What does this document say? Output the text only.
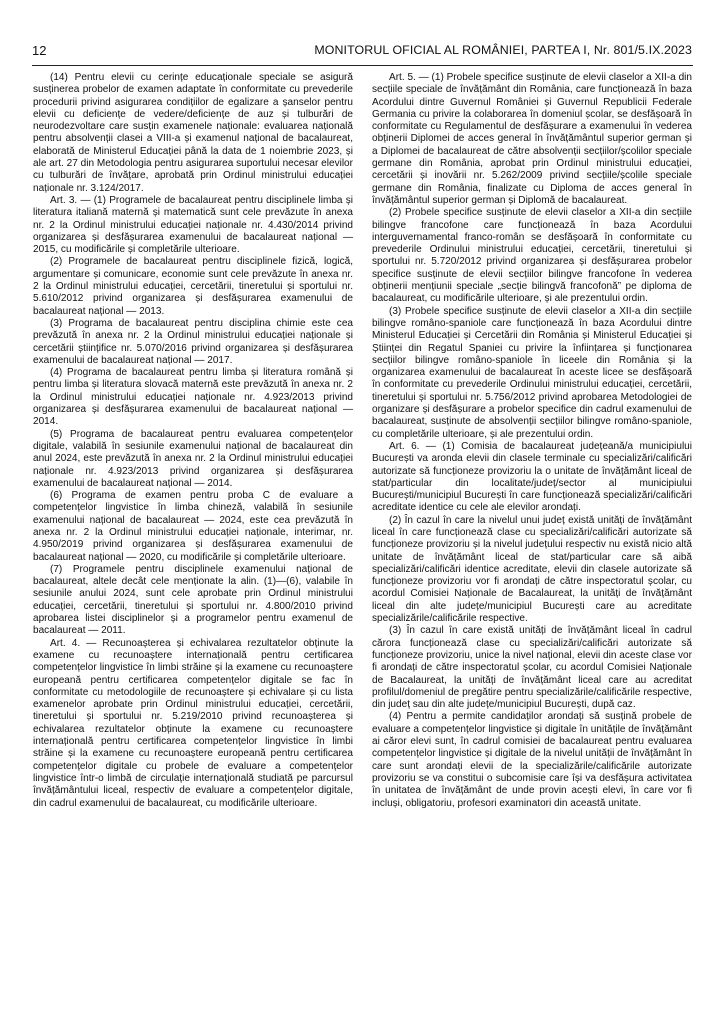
12	MONITORUL OFICIAL AL ROMÂNIEI, PARTEA I, Nr. 801/5.IX.2023

(14) Pentru elevii cu cerințe educaționale speciale se asigură susținerea probelor de examen adaptate în conformitate cu prevederile procedurii privind asigurarea condițiilor de egalizare a șanselor pentru elevii cu deficiențe de vedere/deficiențe de auz și tulburări de neurodezvoltare care susțin examenele naționale: evaluarea națională pentru absolvenții clasei a VIII-a și examenul național de bacalaureat, elaborată de Ministerul Educației până la data de 1 noiembrie 2023, și ale art. 27 din Metodologia pentru asigurarea suportului necesar elevilor cu tulburări de învățare, aprobată prin Ordinul ministrului educației naționale nr. 3.124/2017.

Art. 3. — (1) Programele de bacalaureat pentru disciplinele limba și literatura italiană maternă și matematică sunt cele prevăzute în anexa nr. 2 la Ordinul ministrului educației naționale nr. 4.430/2014 privind organizarea și desfășurarea examenului de bacalaureat național — 2015, cu modificările și completările ulterioare.

(2) Programele de bacalaureat pentru disciplinele fizică, logică, argumentare și comunicare, economie sunt cele prevăzute în anexa nr. 2 la Ordinul ministrului educației, cercetării, tineretului și sportului nr. 5.610/2012 privind organizarea și desfășurarea examenului de bacalaureat național — 2013.

(3) Programa de bacalaureat pentru disciplina chimie este cea prevăzută în anexa nr. 2 la Ordinul ministrului educației naționale și cercetării științifice nr. 5.070/2016 privind organizarea și desfășurarea examenului de bacalaureat național — 2017.

(4) Programa de bacalaureat pentru limba și literatura română și pentru limba și literatura slovacă maternă este prevăzută în anexa nr. 2 la Ordinul ministrului educației naționale nr. 4.923/2013 privind organizarea și desfășurarea examenului de bacalaureat național — 2014.

(5) Programa de bacalaureat pentru evaluarea competențelor digitale, valabilă în sesiunile examenului național de bacalaureat din anul 2024, este prevăzută în anexa nr. 2 la Ordinul ministrului educației naționale nr. 4.923/2013 privind organizarea și desfășurarea examenului de bacalaureat național — 2014.

(6) Programa de examen pentru proba C de evaluare a competențelor lingvistice în limba chineză, valabilă în sesiunile examenului național de bacalaureat — 2024, este cea prevăzută în anexa nr. 2 la Ordinul ministrului educației naționale, interimar, nr. 4.950/2019 privind organizarea și desfășurarea examenului de bacalaureat național — 2020, cu modificările și completările ulterioare.

(7) Programele pentru disciplinele examenului național de bacalaureat, altele decât cele menționate la alin. (1)—(6), valabile în sesiunile anului 2024, sunt cele aprobate prin Ordinul ministrului educației, cercetării, tineretului și sportului nr. 4.800/2010 privind aprobarea listei disciplinelor și a programelor pentru examenul de bacalaureat — 2011.

Art. 4. — Recunoașterea și echivalarea rezultatelor obținute la examene cu recunoaștere internațională pentru certificarea competențelor lingvistice în limbi străine și la examene cu recunoaștere europeană pentru certificarea competențelor digitale se fac în conformitate cu metodologiile de recunoaștere și echivalare și cu lista examenelor aprobate prin Ordinul ministrului educației, cercetării, tineretului și sportului nr. 5.219/2010 privind recunoașterea și echivalarea rezultatelor obținute la examene cu recunoaștere internațională pentru certificarea competențelor lingvistice în limbi străine și la examene cu recunoaștere europeană pentru certificarea competențelor digitale cu probele de evaluare a competențelor lingvistice într-o limbă de circulație internațională studiată pe parcursul învățământului liceal, respectiv de evaluare a competențelor digitale, din cadrul examenului de bacalaureat, cu modificările ulterioare.

Art. 5. — (1) Probele specifice susținute de elevii claselor a XII-a din secțiile speciale de învățământ din România, care funcționează în baza Acordului dintre Guvernul României și Guvernul Republicii Federale Germania cu privire la colaborarea în domeniul școlar, se desfășoară în conformitate cu Regulamentul de desfășurare a examenului în vederea obținerii Diplomei de acces general în învățământul superior german și a Diplomei de bacalaureat de către absolvenții secțiilor/școlilor speciale germane din România, aprobat prin Ordinul ministrului educației, cercetării și inovării nr. 5.262/2009 privind secțiile/școlile speciale germane din România, finalizate cu Diploma de acces general în învățământul superior german și Diplomă de bacalaureat.

(2) Probele specifice susținute de elevii claselor a XII-a din secțiile bilingve francofone care funcționează în baza Acordului interguvernamental franco-român se desfășoară în conformitate cu prevederile Ordinului ministrului educației, cercetării, tineretului și sportului nr. 5.720/2012 privind organizarea și desfășurarea probelor specifice susținute de elevii secțiilor bilingve francofone în vederea obținerii mențiunii speciale „secție bilingvă francofonă” pe diploma de bacalaureat, cu modificările ulterioare, și ale prezentului ordin.

(3) Probele specifice susținute de elevii claselor a XII-a din secțiile bilingve româno-spaniole care funcționează în baza Acordului dintre Ministerul Educației și Cercetării din România și Ministerul Educației și Științei din Regatul Spaniei cu privire la înființarea și funcționarea secțiilor bilingve româno-spaniole în liceele din România și la organizarea examenului de bacalaureat în aceste licee se desfășoară în conformitate cu prevederile Ordinului ministrului educației, cercetării, tineretului și sportului nr. 5.756/2012 privind aprobarea Metodologiei de organizare și desfășurare a probelor specifice din cadrul examenului de bacalaureat, susținute de absolvenții secțiilor bilingve româno-spaniole, cu completările ulterioare, și ale prezentului ordin.

Art. 6. — (1) Comisia de bacalaureat județeană/a municipiului București va aronda elevii din clasele terminale cu specializări/calificări autorizate să funcționeze provizoriu la o unitate de învățământ liceal de stat/particular din localitate/județ/sector al municipiului București/municipiul București în care funcționează specializări/calificări acreditate identice cu cele ale elevilor arondați.

(2) În cazul în care la nivelul unui județ există unități de învățământ liceal în care funcționează clase cu specializări/calificări autorizate să funcționeze provizoriu și la nivelul județului respectiv nu există nicio altă unitate de învățământ liceal de stat/particular care să aibă specializări/calificări identice acreditate, elevii din clasele autorizate să funcționeze provizoriu vor fi arondați de către inspectoratul școlar, cu acordul Comisiei Naționale de Bacalaureat, la unități de învățământ liceal din alte județe/municipiul București care au acreditate specializările/calificările respective.

(3) În cazul în care există unități de învățământ liceal în cadrul cărora funcționează clase cu specializări/calificări autorizate să funcționeze provizoriu, unice la nivel național, elevii din aceste clase vor fi arondați de către inspectoratul școlar, cu acordul Comisiei Naționale de Bacalaureat, la unități de învățământ liceal care au acreditat profilul/domeniul de pregătire pentru specializările/calificările respective, din județ sau din alte județe/municipiul București, după caz.

(4) Pentru a permite candidaților arondați să susțină probele de evaluare a competențelor lingvistice și digitale în unitățile de învățământ ai căror elevi sunt, în cadrul comisiei de bacalaureat pentru evaluarea competențelor lingvistice și digitale de la nivelul unității de învățământ în care sunt arondați elevii de la specializările/calificările autorizate provizoriu se va constitui o subcomisie care își va desfășura activitatea în unitatea de învățământ de unde provin acești elevi, în care vor fi incluși, obligatoriu, profesori examinatori din această unitate.
